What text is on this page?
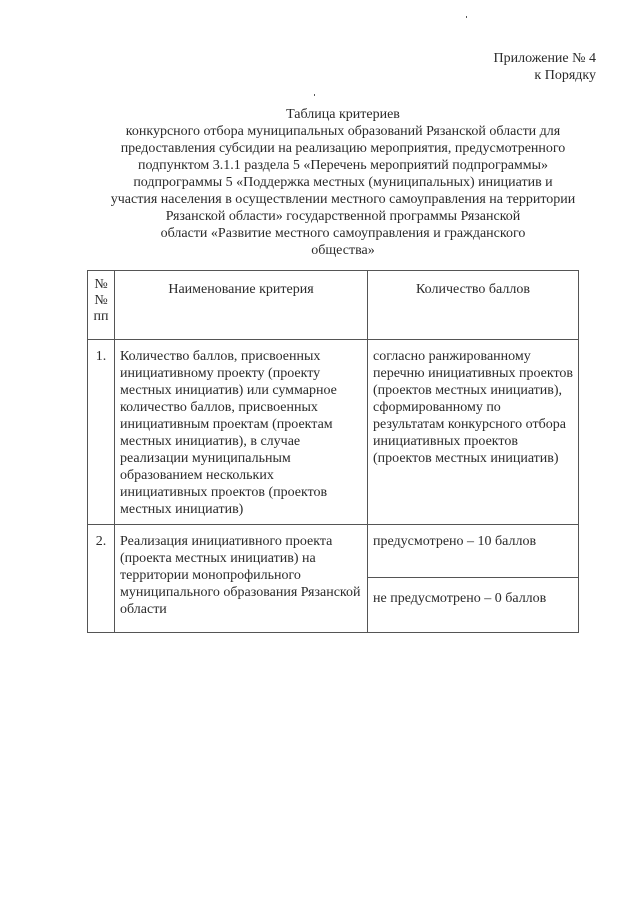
Приложение № 4
к Порядку
Таблица критериев
конкурсного отбора муниципальных образований Рязанской области для
предоставления субсидии на реализацию мероприятия, предусмотренного
подпунктом 3.1.1 раздела 5 «Перечень мероприятий подпрограммы»
подпрограммы 5 «Поддержка местных (муниципальных) инициатив и
участия населения в осуществлении местного самоуправления на территории
Рязанской области» государственной программы Рязанской
области «Развитие местного самоуправления и гражданского
общества»
№
№
пп	Наименование критерия	Количество баллов
1.	Количество баллов, присвоенных инициативному проекту (проекту местных инициатив) или суммарное количество баллов, присвоенных инициативным проектам (проектам местных инициатив), в случае реализации муниципальным образованием нескольких инициативных проектов (проектов местных инициатив)	согласно ранжированному перечню инициативных проектов (проектов местных инициатив), сформированному по результатам конкурсного отбора инициативных проектов (проектов местных инициатив)
2.	Реализация инициативного проекта (проекта местных инициатив) на территории монопрофильного муниципального образования Рязанской области	предусмотрено – 10 баллов
		не предусмотрено – 0 баллов
